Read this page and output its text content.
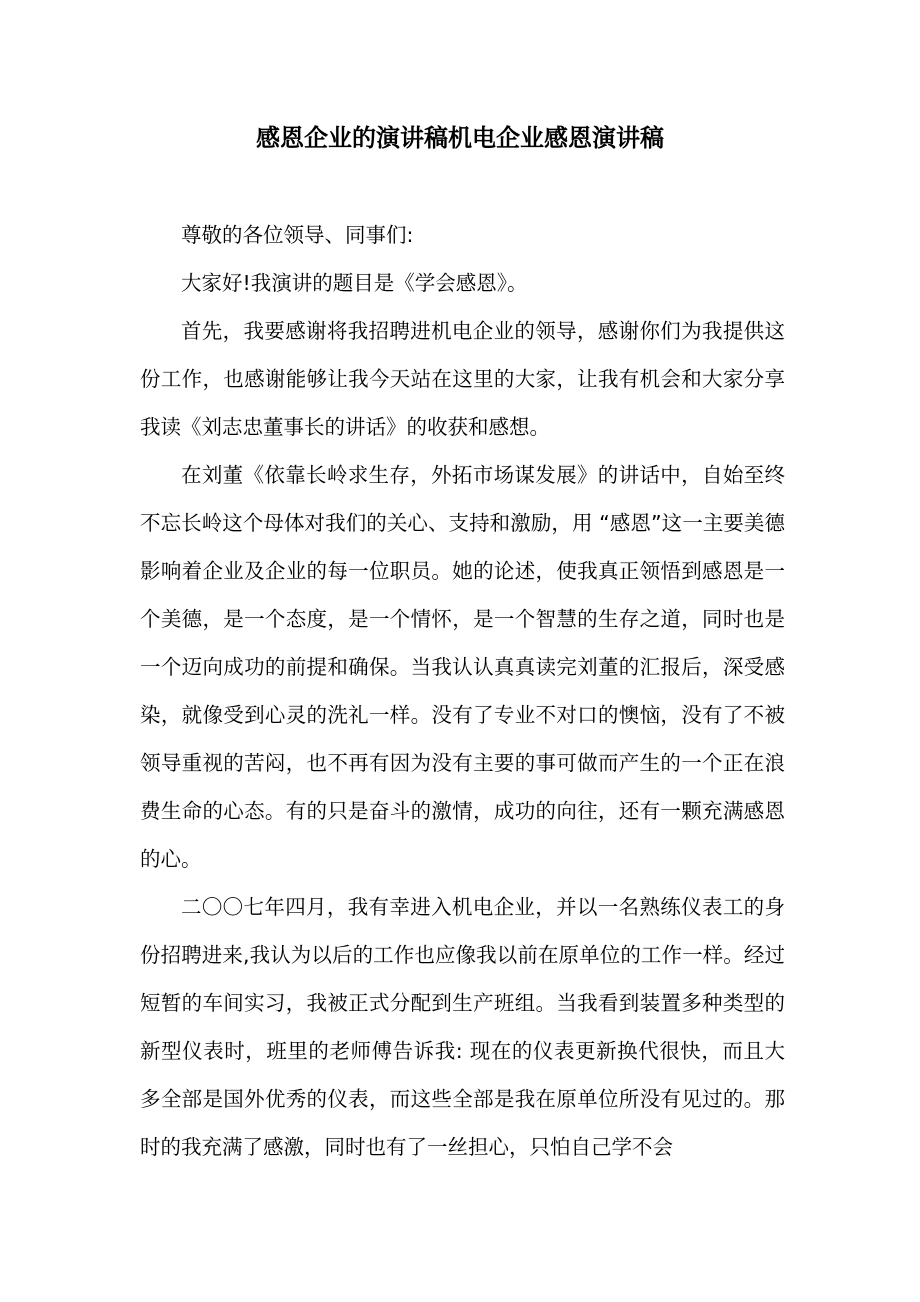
感恩企业的演讲稿机电企业感恩演讲稿

尊敬的各位领导、同事们:

大家好!我演讲的题目是《学会感恩》。

首先，我要感谢将我招聘进机电企业的领导，感谢你们为我提供这份工作，也感谢能够让我今天站在这里的大家，让我有机会和大家分享我读《刘志忠董事长的讲话》的收获和感想。

在刘董《依靠长岭求生存，外拓市场谋发展》的讲话中，自始至终不忘长岭这个母体对我们的关心、支持和激励，用 “感恩”这一主要美德影响着企业及企业的每一位职员。她的论述，使我真正领悟到感恩是一个美德，是一个态度，是一个情怀，是一个智慧的生存之道，同时也是一个迈向成功的前提和确保。当我认认真真读完刘董的汇报后，深受感染，就像受到心灵的洗礼一样。没有了专业不对口的懊恼，没有了不被领导重视的苦闷，也不再有因为没有主要的事可做而产生的一个正在浪费生命的心态。有的只是奋斗的激情，成功的向往，还有一颗充满感恩的心。

二〇〇七年四月，我有幸进入机电企业，并以一名熟练仪表工的身份招聘进来,我认为以后的工作也应像我以前在原单位的工作一样。经过短暂的车间实习，我被正式分配到生产班组。当我看到装置多种类型的新型仪表时，班里的老师傅告诉我: 现在的仪表更新换代很快，而且大多全部是国外优秀的仪表，而这些全部是我在原单位所没有见过的。那时的我充满了感激，同时也有了一丝担心，只怕自己学不会
